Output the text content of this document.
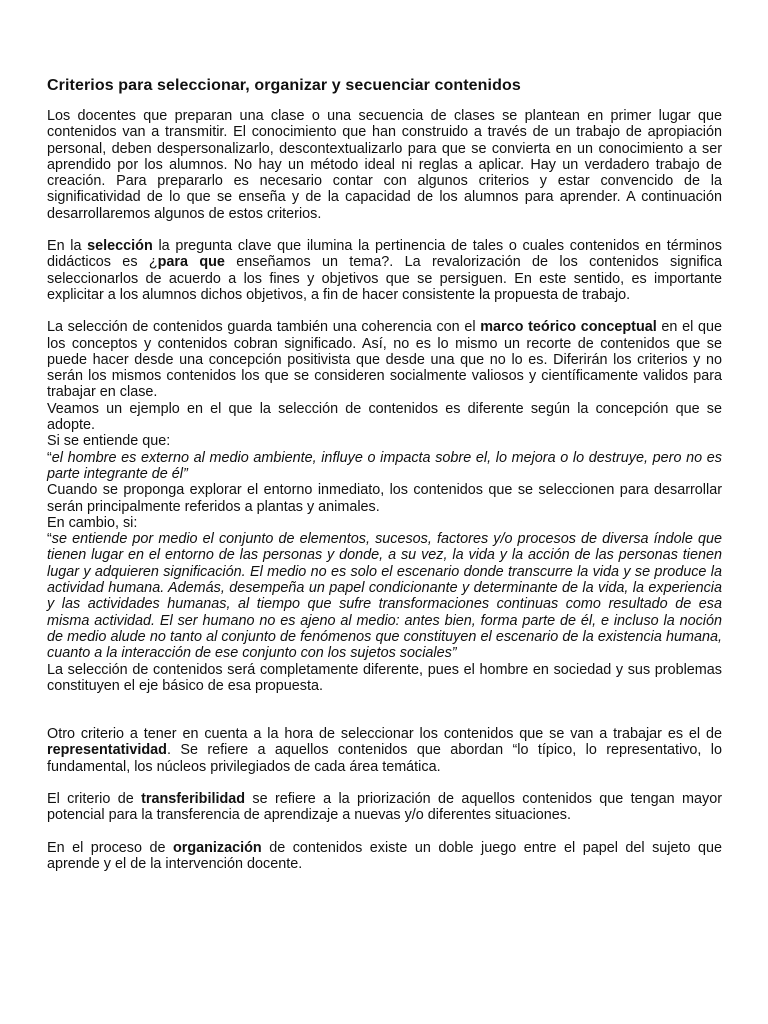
Criterios para seleccionar, organizar y secuenciar contenidos

Los docentes que preparan una clase o una secuencia de clases se plantean en primer lugar que contenidos van a transmitir. El conocimiento que han construido a través de un trabajo de apropiación personal, deben despersonalizarlo, descontextualizarlo para que se convierta en un conocimiento a ser aprendido por los alumnos. No hay un método ideal ni reglas a aplicar. Hay un verdadero trabajo de creación. Para prepararlo es necesario contar con algunos criterios y estar convencido de la significatividad de lo que se enseña y de la capacidad de los alumnos para aprender. A continuación desarrollaremos algunos de estos criterios.

En la selección la pregunta clave que ilumina la pertinencia de tales o cuales contenidos en términos didácticos es ¿para que enseñamos un tema?. La revalorización de los contenidos significa seleccionarlos de acuerdo a los fines y objetivos que se persiguen. En este sentido, es importante explicitar a los alumnos dichos objetivos, a fin de hacer consistente la propuesta de trabajo.

La selección de contenidos guarda también una coherencia con el marco teórico conceptual en el que los conceptos y contenidos cobran significado. Así, no es lo mismo un recorte de contenidos que se puede hacer desde una concepción positivista que desde una que no lo es. Diferirán los criterios y no serán los mismos contenidos los que se consideren socialmente valiosos y científicamente validos para trabajar en clase.

Veamos un ejemplo en el que la selección de contenidos es diferente según la concepción que se adopte.

Si se entiende que:

“el hombre es externo al medio ambiente, influye o impacta sobre el, lo mejora o lo destruye, pero no es parte integrante de él”

Cuando se proponga explorar el entorno inmediato, los contenidos que se seleccionen para desarrollar serán principalmente referidos a plantas y animales.

En cambio, si:

“se entiende por medio el conjunto de elementos, sucesos, factores y/o procesos de diversa índole que tienen lugar en el entorno de las personas y donde, a su vez, la vida y la acción de las personas tienen lugar y adquieren significación. El medio no es solo el escenario donde transcurre la vida y se produce la actividad humana. Además, desempeña un papel condicionante y determinante de la vida, la experiencia y las actividades humanas, al tiempo que sufre transformaciones continuas como resultado de esa misma actividad. El ser humano no es ajeno al medio: antes bien, forma parte de él, e incluso la noción de medio alude no tanto al conjunto de fenómenos que constituyen el escenario de la existencia humana, cuanto a la interacción de ese conjunto con los sujetos sociales”

La selección de contenidos será completamente diferente, pues el hombre en sociedad y sus problemas constituyen el eje básico de esa propuesta.

Otro criterio a tener en cuenta a la hora de seleccionar los contenidos que se van a trabajar es el de representatividad. Se refiere a aquellos contenidos que abordan “lo típico, lo representativo, lo fundamental, los núcleos privilegiados de cada área temática.

El criterio de transferibilidad se refiere a la priorización de aquellos contenidos que tengan mayor potencial para la transferencia de aprendizaje a nuevas y/o diferentes situaciones.

En el proceso de organización de contenidos existe un doble juego entre el papel del sujeto que aprende y el de la intervención docente.
